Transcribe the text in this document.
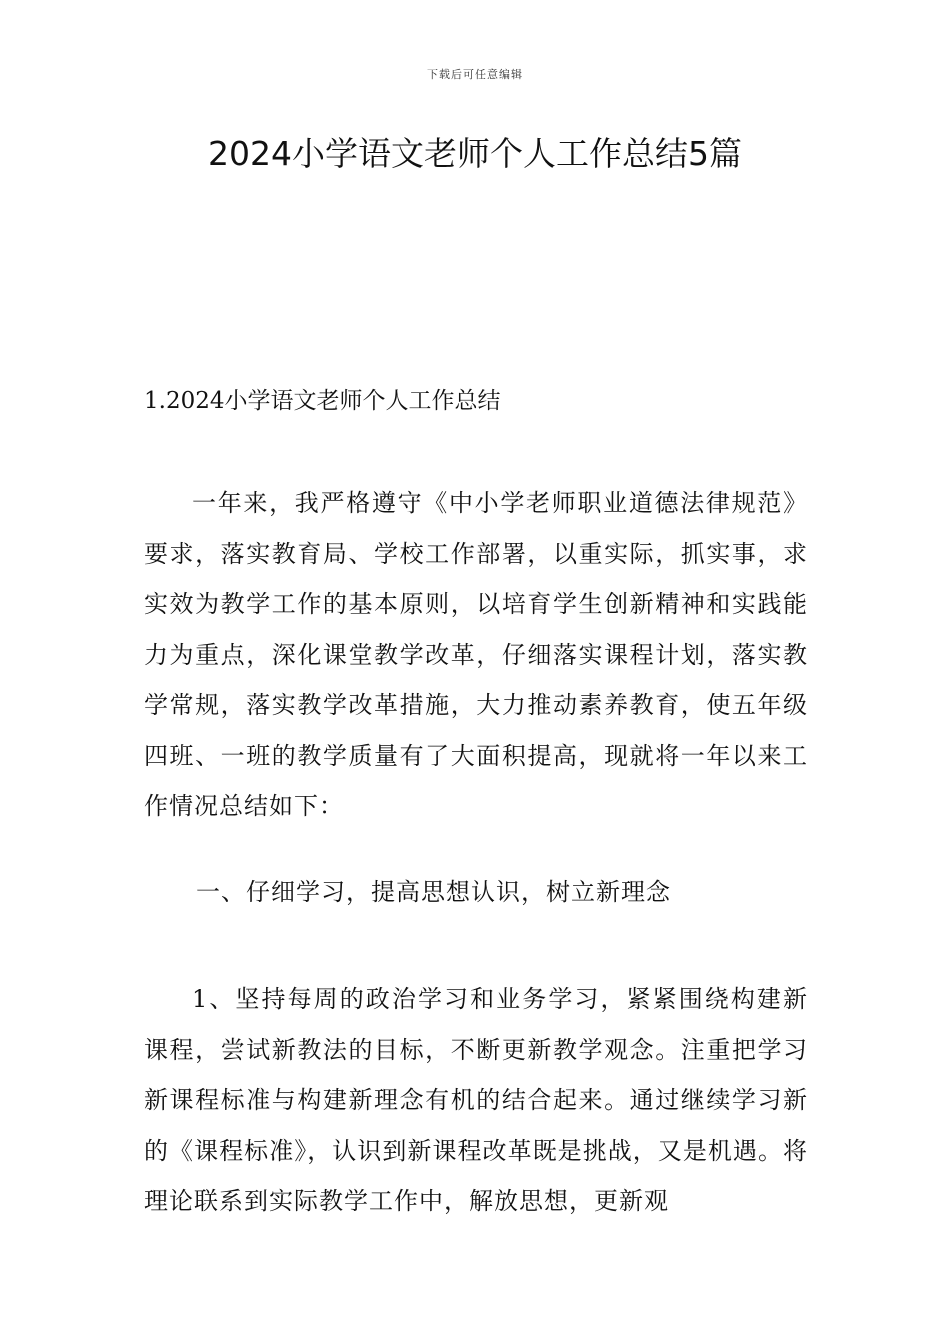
下载后可任意编辑
2024小学语文老师个人工作总结5篇
1.2024小学语文老师个人工作总结

一年来，我严格遵守《中小学老师职业道德法律规范》要求，落实教育局、学校工作部署，以重实际，抓实事，求实效为教学工作的基本原则，以培育学生创新精神和实践能力为重点，深化课堂教学改革，仔细落实课程计划，落实教学常规，落实教学改革措施，大力推动素养教育，使五年级四班、一班的教学质量有了大面积提高，现就将一年以来工作情况总结如下：

一、仔细学习，提高思想认识，树立新理念

1、坚持每周的政治学习和业务学习，紧紧围绕构建新课程，尝试新教法的目标，不断更新教学观念。注重把学习新课程标准与构建新理念有机的结合起来。通过继续学习新的《课程标准》，认识到新课程改革既是挑战，又是机遇。将理论联系到实际教学工作中，解放思想，更新观
